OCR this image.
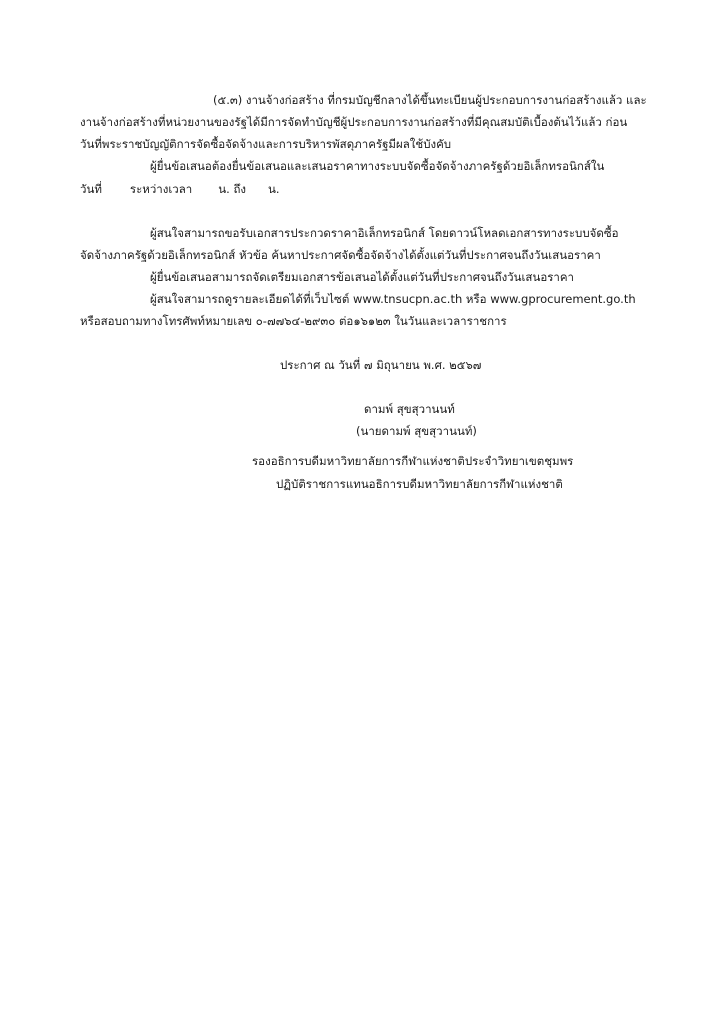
(๕.๓) งานจ้างก่อสร้าง ที่กรมบัญชีกลางได้ขึ้นทะเบียนผู้ประกอบการงานก่อสร้างแล้ว และ
งานจ้างก่อสร้างที่หน่วยงานของรัฐได้มีการจัดทำบัญชีผู้ประกอบการงานก่อสร้างที่มีคุณสมบัติเบื้องต้นไว้แล้ว ก่อน
วันที่พระราชบัญญัติการจัดซื้อจัดจ้างและการบริหารพัสดุภาครัฐมีผลใช้บังคับ
ผู้ยื่นข้อเสนอต้องยื่นข้อเสนอและเสนอราคาทางระบบจัดซื้อจัดจ้างภาครัฐด้วยอิเล็กทรอนิกส์ใน
วันที่ ระหว่างเวลา น. ถึง น.
ผู้สนใจสามารถขอรับเอกสารประกวดราคาอิเล็กทรอนิกส์ โดยดาวน์โหลดเอกสารทางระบบจัดซื้อ
จัดจ้างภาครัฐด้วยอิเล็กทรอนิกส์ หัวข้อ ค้นหาประกาศจัดซื้อจัดจ้างได้ตั้งแต่วันที่ประกาศจนถึงวันเสนอราคา
ผู้ยื่นข้อเสนอสามารถจัดเตรียมเอกสารข้อเสนอได้ตั้งแต่วันที่ประกาศจนถึงวันเสนอราคา
ผู้สนใจสามารถดูรายละเอียดได้ที่เว็บไซต์ www.tnsucpn.ac.th หรือ www.gprocurement.go.th
หรือสอบถามทางโทรศัพท์หมายเลข ๐-๗๗๖๔-๒๙๓๐ ต่อ๑๖๑๒๓ ในวันและเวลาราชการ
ประกาศ ณ วันที่ ๗ มิถุนายน พ.ศ. ๒๕๖๗
ดามพ์ สุขสุวานนท์
(นายดามพ์ สุขสุวานนท์)
รองอธิการบดีมหาวิทยาลัยการกีฬาแห่งชาติประจำวิทยาเขตชุมพร
ปฏิบัติราชการแทนอธิการบดีมหาวิทยาลัยการกีฬาแห่งชาติ
